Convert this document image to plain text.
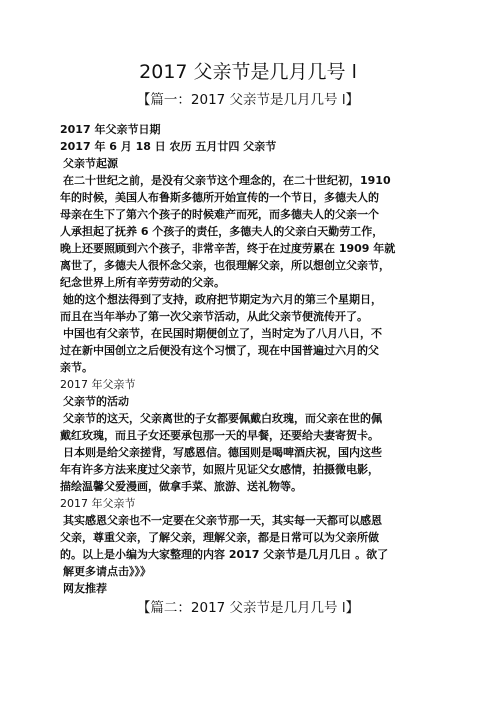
2017 父亲节是几月几号 l
【篇一：2017 父亲节是几月几号 l】
2017 年父亲节日期
2017 年 6 月 18 日 农历 五月廿四 父亲节
父亲节起源
在二十世纪之前，是没有父亲节这个理念的，在二十世纪初，1910
年的时候，美国人布鲁斯多德所开始宣传的一个节日，多德夫人的
母亲在生下了第六个孩子的时候难产而死，而多德夫人的父亲一个
人承担起了抚养 6 个孩子的责任，多德夫人的父亲白天勤劳工作，
晚上还要照顾到六个孩子，非常辛苦，终于在过度劳累在 1909 年就
离世了，多德夫人很怀念父亲，也很理解父亲，所以想创立父亲节，
纪念世界上所有辛劳劳动的父亲。
她的这个想法得到了支持，政府把节期定为六月的第三个星期日，
而且在当年举办了第一次父亲节活动，从此父亲节便流传开了。
中国也有父亲节，在民国时期便创立了，当时定为了八月八日，不
过在新中国创立之后便没有这个习惯了，现在中国普遍过六月的父
亲节。
2017 年父亲节
父亲节的活动
父亲节的这天，父亲离世的子女都要佩戴白玫瑰，而父亲在世的佩
戴红玫瑰，而且子女还要承包那一天的早餐，还要给夫妻寄贺卡。
日本则是给父亲搓背，写感恩信。德国则是喝啤酒庆祝，国内这些
年有许多方法来度过父亲节，如照片见证父女感情，拍摄微电影，
描绘温馨父爱漫画，做拿手菜、旅游、送礼物等。
2017 年父亲节
其实感恩父亲也不一定要在父亲节那一天，其实每一天都可以感恩
父亲，尊重父亲，了解父亲，理解父亲，都是日常可以为父亲所做
的。以上是小编为大家整理的内容 2017 父亲节是几月几日 。欲了
解更多请点击》》》
网友推荐
【篇二：2017 父亲节是几月几号 l】
